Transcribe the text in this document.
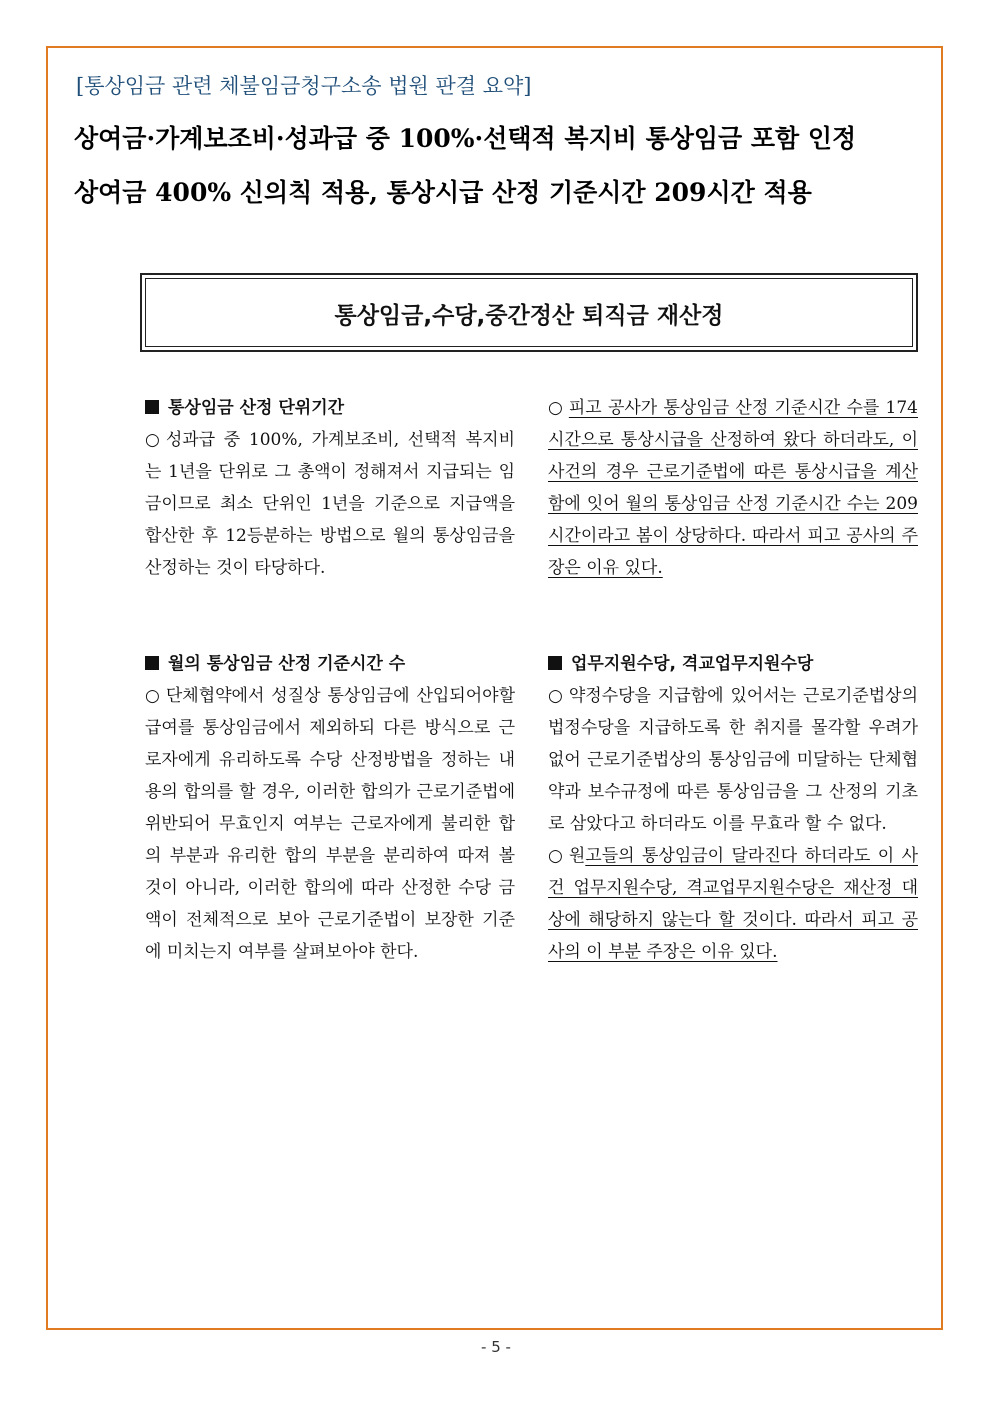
[통상임금 관련 체불임금청구소송 법원 판결 요약]
상여금·가계보조비·성과급 중 100%·선택적 복지비 통상임금 포함 인정
상여금 400% 신의칙 적용, 통상시급 산정 기준시간 209시간 적용
통상임금,수당,중간정산 퇴직금 재산정
통상임금 산정 단위기간
○ 성과급 중 100%, 가계보조비, 선택적 복지비는 1년을 단위로 그 총액이 정해져서 지급되는 임금이므로 최소 단위인 1년을 기준으로 지급액을 합산한 후 12등분하는 방법으로 월의 통상임금을 산정하는 것이 타당하다.
월의 통상임금 산정 기준시간 수
○ 단체협약에서 성질상 통상임금에 산입되어야할 급여를 통상임금에서 제외하되 다른 방식으로 근로자에게 유리하도록 수당 산정방법을 정하는 내용의 합의를 할 경우, 이러한 합의가 근로기준법에 위반되어 무효인지 여부는 근로자에게 불리한 합의 부분과 유리한 합의 부분을 분리하여 따져 볼 것이 아니라, 이러한 합의에 따라 산정한 수당 금액이 전체적으로 보아 근로기준법이 보장한 기준에 미치는지 여부를 살펴보아야 한다.
○ 피고 공사가 통상임금 산정 기준시간 수를 174시간으로 통상시급을 산정하여 왔다 하더라도, 이 사건의 경우 근로기준법에 따른 통상시급을 계산함에 잇어 월의 통상임금 산정 기준시간 수는 209시간이라고 봄이 상당하다. 따라서 피고 공사의 주장은 이유 있다.
업무지원수당, 격교업무지원수당
○ 약정수당을 지급함에 있어서는 근로기준법상의 법정수당을 지급하도록 한 취지를 몰각할 우려가 없어 근로기준법상의 통상임금에 미달하는 단체협약과 보수규정에 따른 통상임금을 그 산정의 기초로 삼았다고 하더라도 이를 무효라 할 수 없다.
○ 원고들의 통상임금이 달라진다 하더라도 이 사건 업무지원수당, 격교업무지원수당은 재산정 대상에 해당하지 않는다 할 것이다. 따라서 피고 공사의 이 부분 주장은 이유 있다.
- 5 -
